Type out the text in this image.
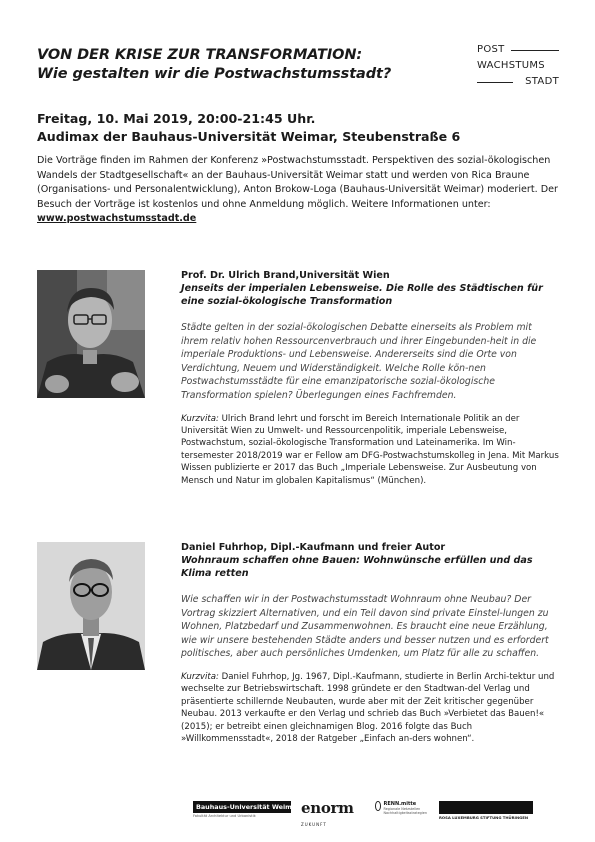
VON DER KRISE ZUR TRANSFORMATION:
Wie gestalten wir die Postwachstumsstadt?
POST
WACHSTUMS
STADT
Freitag, 10. Mai 2019, 20:00-21:45 Uhr.
Audimax der Bauhaus-Universität Weimar, Steubenstraße 6
Die Vorträge finden im Rahmen der Konferenz »Postwachstumsstadt. Perspektiven des sozial-ökologischen Wandels der Stadtgesellschaft« an der Bauhaus-Universität Weimar statt und werden von Rica Braune (Organisations- und Personalentwicklung), Anton Brokow-Loga (Bauhaus-Universität Weimar) moderiert. Der Besuch der Vorträge ist kostenlos und ohne Anmeldung möglich. Weitere Informationen unter: www.postwachstumsstadt.de
Prof. Dr. Ulrich Brand,Universität Wien
Jenseits der imperialen Lebensweise. Die Rolle des Städtischen für eine sozial-ökologische Transformation
Städte gelten in der sozial-ökologischen Debatte einerseits als Problem mit ihrem relativ hohen Ressourcenverbrauch und ihrer Eingebunden-heit in die imperiale Produktions- und Lebensweise. Andererseits sind die Orte von Verdichtung, Neuem und Widerständigkeit. Welche Rolle kön-nen Postwachstumsstädte für eine emanzipatorische sozial-ökologische Transformation spielen? Überlegungen eines Fachfremden.
Kurzvita: Ulrich Brand lehrt und forscht im Bereich Internationale Politik an der Universität Wien zu Umwelt- und Ressourcenpolitik, imperiale Lebensweise, Postwachstum, sozial-ökologische Transformation und Lateinamerika. Im Win-tersemester 2018/2019 war er Fellow am DFG-Postwachstumskolleg in Jena. Mit Markus Wissen publizierte er 2017 das Buch „Imperiale Lebensweise. Zur Ausbeutung von Mensch und Natur im globalen Kapitalismus“ (München).
Daniel Fuhrhop, Dipl.-Kaufmann und freier Autor
Wohnraum schaffen ohne Bauen: Wohnwünsche erfüllen und das Klima retten
Wie schaffen wir in der Postwachstumsstadt Wohnraum ohne Neubau? Der Vortrag skizziert Alternativen, und ein Teil davon sind private Einstel-lungen zu Wohnen, Platzbedarf und Zusammenwohnen. Es braucht eine neue Erzählung, wie wir unsere bestehenden Städte anders und besser nutzen und es erfordert politisches, aber auch persönliches Umdenken, um Platz für alle zu schaffen.
Kurzvita: Daniel Fuhrhop, Jg. 1967, Dipl.-Kaufmann, studierte in Berlin Archi-tektur und wechselte zur Betriebswirtschaft. 1998 gründete er den Stadtwan-del Verlag und präsentierte schillernde Neubauten, wurde aber mit der Zeit kritischer gegenüber Neubau. 2013 verkaufte er den Verlag und schrieb das Buch »Verbietet das Bauen!« (2015); er betreibt einen gleichnamigen Blog. 2016 folgte das Buch »Willkommensstadt«, 2018 der Ratgeber „Einfach an-ders wohnen“.
Bauhaus-Universität Weimar
Fakultät Architektur und Urbanistik	enorm
ZUKUNFT
RENN.mitte
Regionale Netzstellen Nachhaltigkeitsstrategien
ROSA LUXEMBURG STIFTUNG THÜRINGEN
